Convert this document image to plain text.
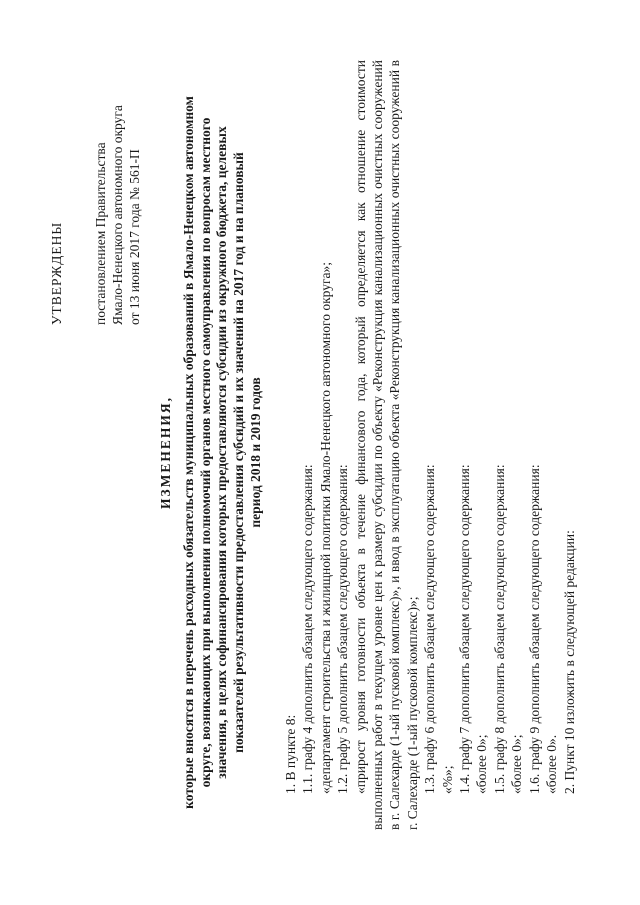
УТВЕРЖДЕНЫ постановлением Правительства Ямало-Ненецкого автономного округа от 13 июня 2017 года № 561-П
ИЗМЕНЕНИЯ, которые вносятся в перечень расходных обязательств муниципальных образований в Ямало-Ненецком автономном округе, возникающих при выполнении полномочий органов местного самоуправления по вопросам местного значения, в целях софинансирования которых предоставляются субсидии из окружного бюджета, целевых показателей результативности предоставления субсидий и их значений на 2017 год и на плановый период 2018 и 2019 годов

1. В пункте 8: 1.1. графу 4 дополнить абзацем следующего содержания: «департамент строительства и жилищной политики Ямало-Ненецкого автономного округа»; 1.2. графу 5 дополнить абзацем следующего содержания: «прирост уровня готовности объекта в течение финансового года, который определяется как отношение стоимости выполненных работ в текущем уровне цен к размеру субсидии по объекту «Реконструкция канализационных очистных сооружений в г. Салехарде (1-ый пусковой комплекс)», и ввод в эксплуатацию объекта «Реконструкция канализационных очистных сооружений в г. Салехарде (1-ый пусковой комплекс)»; 1.3. графу 6 дополнить абзацем следующего содержания: «%»; 1.4. графу 7 дополнить абзацем следующего содержания: «более 0»; 1.5. графу 8 дополнить абзацем следующего содержания: «более 0»; 1.6. графу 9 дополнить абзацем следующего содержания: «более 0». 2. Пункт 10 изложить в следующей редакции:
